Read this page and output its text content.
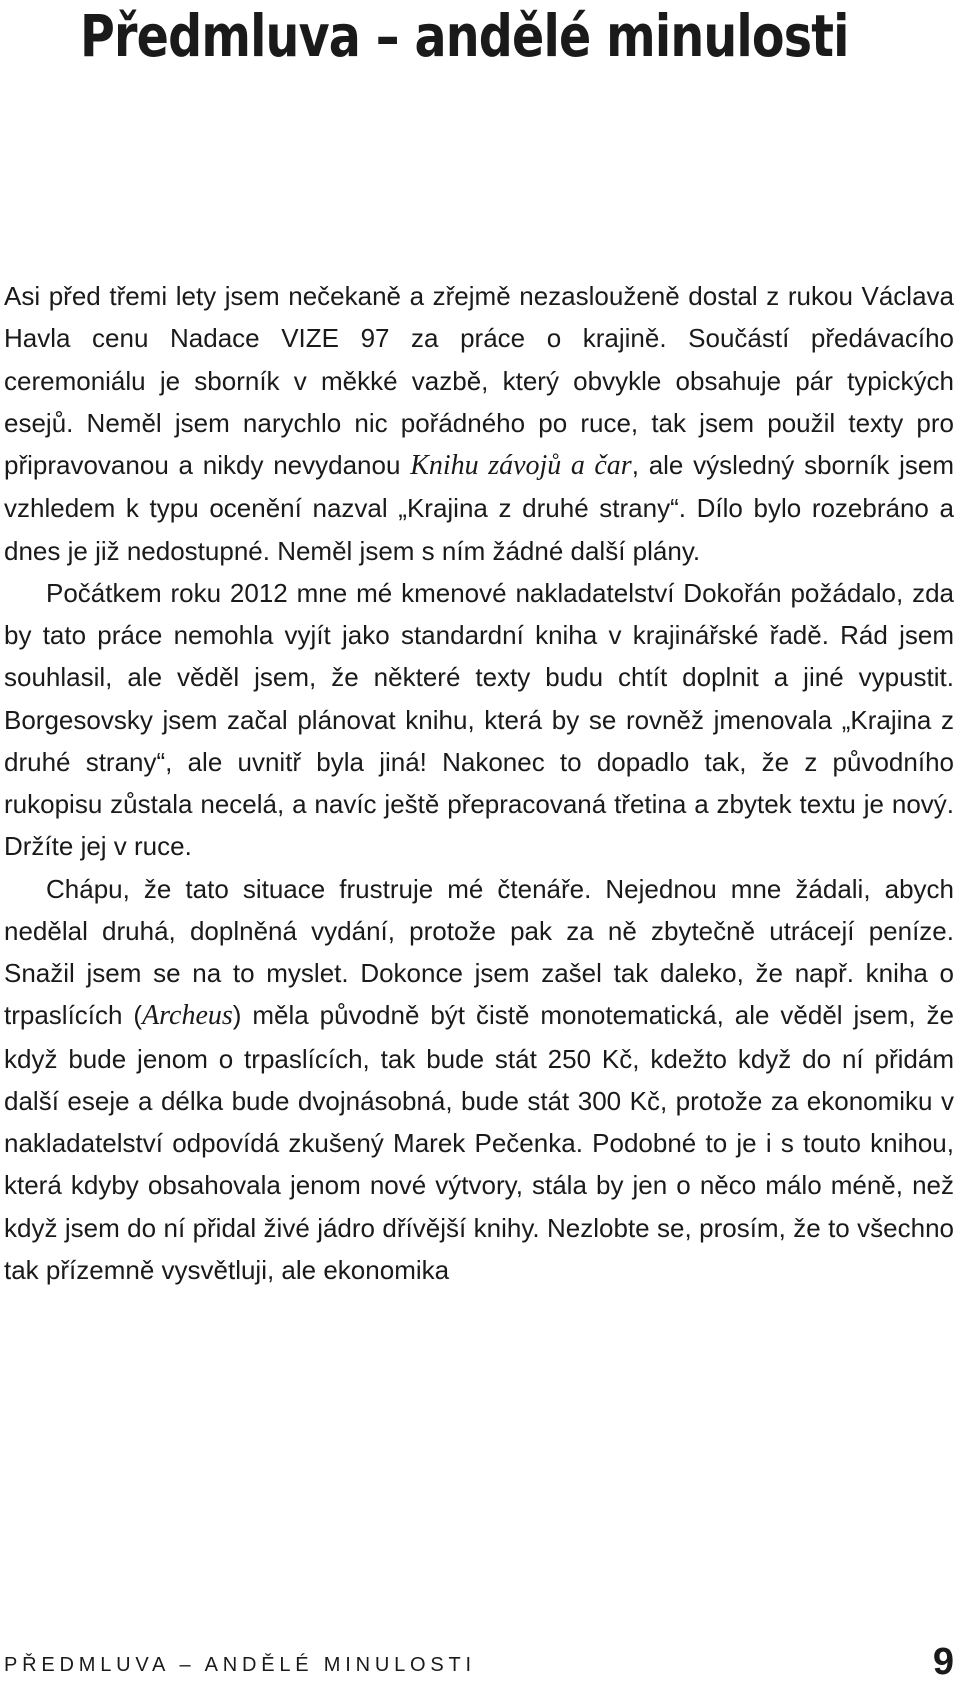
Předmluva – andělé minulosti

Asi před třemi lety jsem nečekaně a zřejmě nezaslouženě dostal z rukou Václava Havla cenu Nadace VIZE 97 za práce o krajině. Součástí předávacího ceremoniálu je sborník v měkké vazbě, který obvykle obsahuje pár typických esejů. Neměl jsem narychlo nic pořádného po ruce, tak jsem použil texty pro připravovanou a nikdy nevydanou Knihu závojů a čar, ale výsledný sborník jsem vzhledem k typu ocenění nazval „Krajina z druhé strany“. Dílo bylo rozebráno a dnes je již nedostupné. Neměl jsem s ním žádné další plány.

Počátkem roku 2012 mne mé kmenové nakladatelství Dokořán požádalo, zda by tato práce nemohla vyjít jako standardní kniha v krajinářské řadě. Rád jsem souhlasil, ale věděl jsem, že některé texty budu chtít doplnit a jiné vypustit. Borgesovsky jsem začal plánovat knihu, která by se rovněž jmenovala „Krajina z druhé strany“, ale uvnitř byla jiná! Nakonec to dopadlo tak, že z původního rukopisu zůstala necelá, a navíc ještě přepracovaná třetina a zbytek textu je nový. Držíte jej v ruce.

Chápu, že tato situace frustruje mé čtenáře. Nejednou mne žádali, abych nedělal druhá, doplněná vydání, protože pak za ně zbytečně utrácejí peníze. Snažil jsem se na to myslet. Dokonce jsem zašel tak daleko, že např. kniha o trpaslících (Archeus) měla původně být čistě monotematická, ale věděl jsem, že když bude jenom o trpaslících, tak bude stát 250 Kč, kdežto když do ní přidám další eseje a délka bude dvojnásobná, bude stát 300 Kč, protože za ekonomiku v nakladatelství odpovídá zkušený Marek Pečenka. Podobné to je i s touto knihou, která kdyby obsahovala jenom nové výtvory, stála by jen o něco málo méně, než když jsem do ní přidal živé jádro dřívější knihy. Nezlobte se, prosím, že to všechno tak přízemně vysvětluji, ale ekonomika

PŘEDMLUVA – ANDĚLÉ MINULOSTI	9
